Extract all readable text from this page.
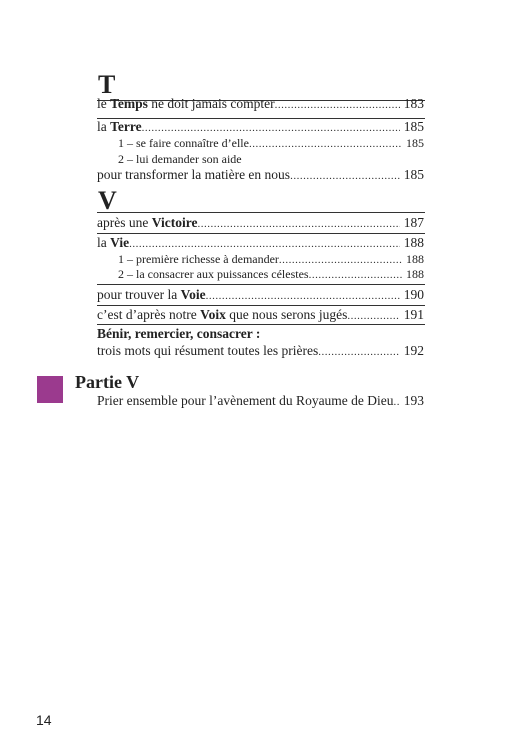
T
le Temps ne doit jamais compter .....	183
la Terre .....	185
1 – se faire connaître d’elle .....	185
2 – lui demander son aide
pour transformer la matière en nous .....	185
V
après une Victoire .....	187
la Vie .....	188
1 – première richesse à demander .....	188
2 – la consacrer aux puissances célestes .....	188
pour trouver la Voie .....	190
c’est d’après notre Voix que nous serons jugés .....	191
Bénir, remercier, consacrer :
trois mots qui résument toutes les prières .....	192
Partie V
Prier ensemble pour l’avènement du Royaume de Dieu ..... 193
14
